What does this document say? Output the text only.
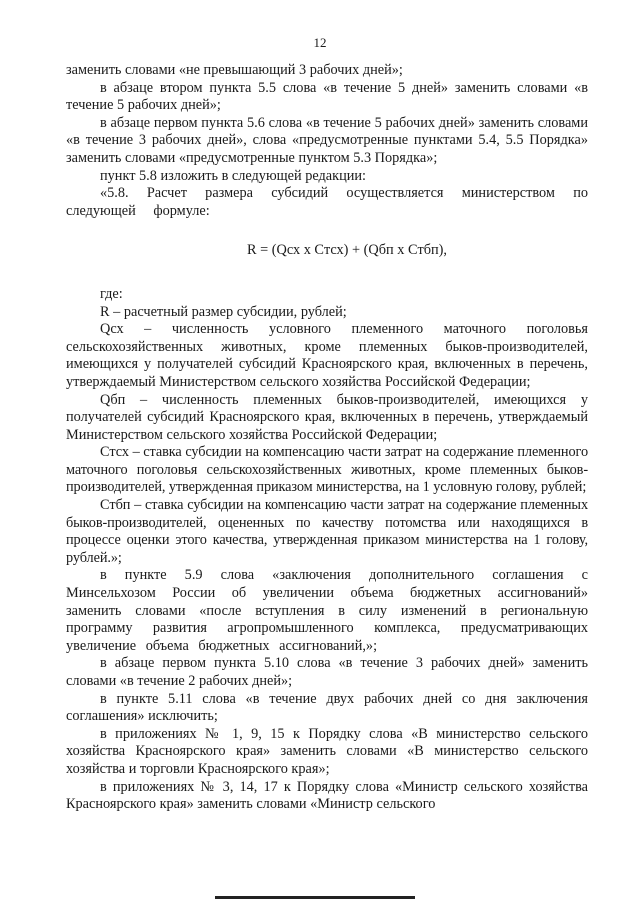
12

заменить словами «не превышающий 3 рабочих дней»;

в абзаце втором пункта 5.5 слова «в течение 5 дней» заменить словами «в течение 5 рабочих дней»;

в абзаце первом пункта 5.6 слова «в течение 5 рабочих дней» заменить словами «в течение 3 рабочих дней», слова «предусмотренные пунктами 5.4, 5.5 Порядка» заменить словами «предусмотренные пунктом 5.3 Порядка»;

пункт 5.8 изложить в следующей редакции:

«5.8. Расчет размера субсидий осуществляется министерством по следующей формуле:

R = (Qсх х Cтсх) + (Qбп х Cтбп),

где:

R – расчетный размер субсидии, рублей;

Qсх – численность условного племенного маточного поголовья сельскохозяйственных животных, кроме племенных быков-производителей, имеющихся у получателей субсидий Красноярского края, включенных в перечень, утверждаемый Министерством сельского хозяйства Российской Федерации;

Qбп – численность племенных быков-производителей, имеющихся у получателей субсидий Красноярского края, включенных в перечень, утверждаемый Министерством сельского хозяйства Российской Федерации;

Cтсх – ставка субсидии на компенсацию части затрат на содержание племенного маточного поголовья сельскохозяйственных животных, кроме племенных быков-производителей, утвержденная приказом министерства, на 1 условную голову, рублей;

Cтбп – ставка субсидии на компенсацию части затрат на содержание племенных быков-производителей, оцененных по качеству потомства или находящихся в процессе оценки этого качества, утвержденная приказом министерства на 1 голову, рублей.»;

в пункте 5.9 слова «заключения дополнительного соглашения с Минсельхозом России об увеличении объема бюджетных ассигнований» заменить словами «после вступления в силу изменений в региональную программу развития агропромышленного комплекса, предусматривающих увеличение объема бюджетных ассигнований,»;

в абзаце первом пункта 5.10 слова «в течение 3 рабочих дней» заменить словами «в течение 2 рабочих дней»;

в пункте 5.11 слова «в течение двух рабочих дней со дня заключения соглашения» исключить;

в приложениях № 1, 9, 15 к Порядку слова «В министерство сельского хозяйства Красноярского края» заменить словами «В министерство сельского хозяйства и торговли Красноярского края»;

в приложениях № 3, 14, 17 к Порядку слова «Министр сельского хозяйства Красноярского края» заменить словами «Министр сельского
